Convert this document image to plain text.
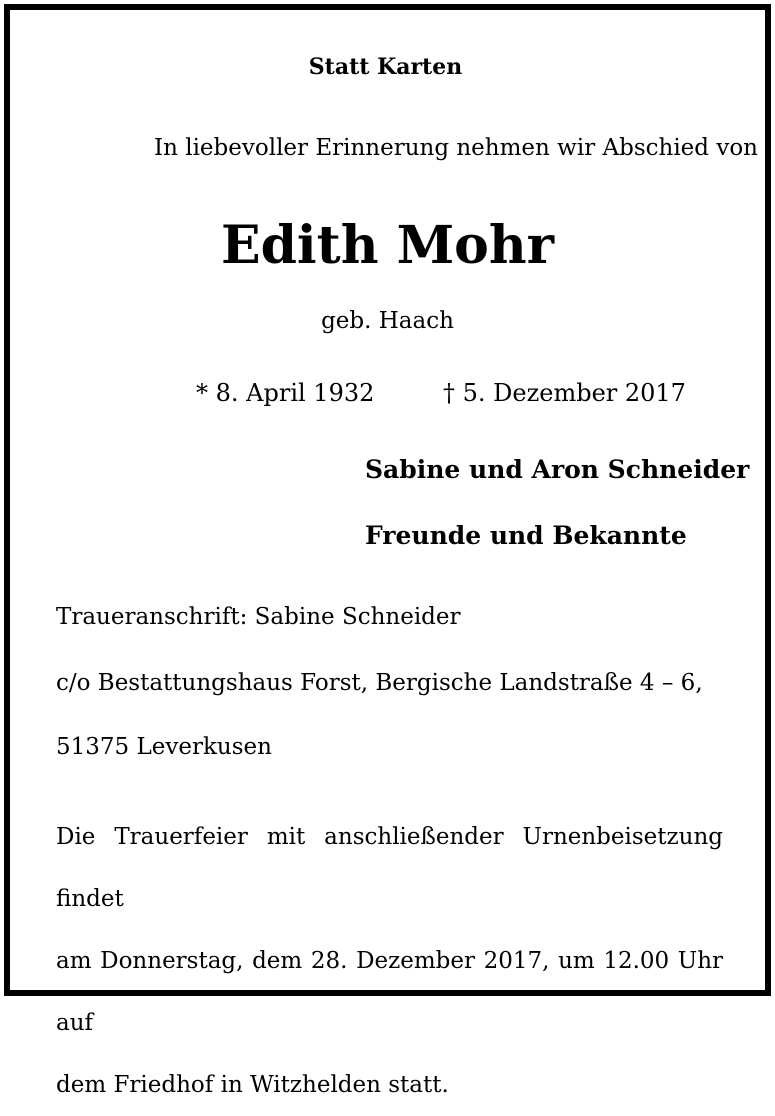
Statt Karten
In liebevoller Erinnerung nehmen wir Abschied von
Edith Mohr
geb. Haach
* 8. April 1932	† 5. Dezember 2017
Sabine und Aron Schneider
Freunde und Bekannte
Traueranschrift: Sabine Schneider
c/o Bestattungshaus Forst, Bergische Landstraße 4 – 6,
51375 Leverkusen

Die Trauerfeier mit anschließender Urnenbeisetzung findet

am Donnerstag, dem 28. Dezember 2017, um 12.00 Uhr auf

dem Friedhof in Witzhelden statt.
